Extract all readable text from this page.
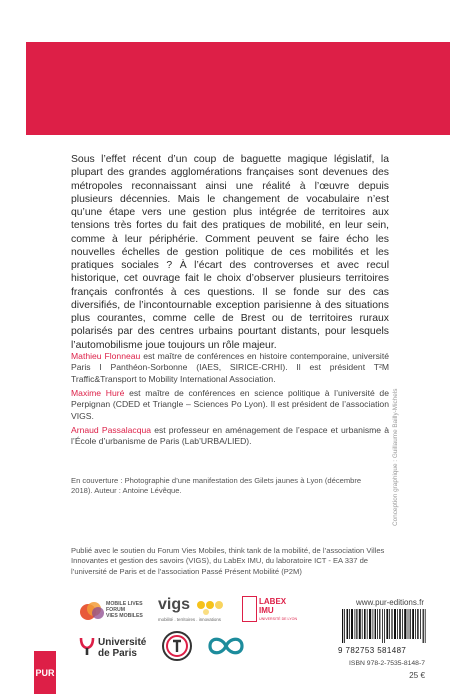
Sous l’effet récent d’un coup de baguette magique législatif, la plupart des grandes agglomérations françaises sont devenues des métropoles reconnaissant ainsi une réalité à l’œuvre depuis plusieurs décennies. Mais le changement de vocabulaire n’est qu’une étape vers une gestion plus intégrée de territoires aux tensions très fortes du fait des pratiques de mobilité, en leur sein, comme à leur périphérie. Comment peuvent se faire écho les nouvelles échelles de gestion politique de ces mobilités et les pratiques sociales ? À l’écart des controverses et avec recul historique, cet ouvrage fait le choix d’observer plusieurs territoires français confrontés à ces questions. Il se fonde sur des cas diversifiés, de l’incontournable exception parisienne à des situations plus courantes, comme celle de Brest ou de territoires ruraux polarisés par des centres urbains pourtant distants, pour lesquels l’automobilisme joue toujours un rôle majeur.

Mathieu Flonneau est maître de conférences en histoire contemporaine, université Paris I Panthéon-Sorbonne (IAES, SIRICE-CRHI). Il est président T²M Traffic&Transport to Mobility International Association.

Maxime Huré est maître de conférences en science politique à l’université de Perpignan (CDED et Triangle – Sciences Po Lyon). Il est président de l’association VIGS.

Arnaud Passalacqua est professeur en aménagement de l’espace et urbanisme à l’École d’urbanisme de Paris (Lab’URBA/LIED).

En couverture : Photographie d’une manifestation des Gilets jaunes à Lyon (décembre 2018). Auteur : Antoine Lévêque.	Conception graphique : Guillaume Bailly-Michels

Publié avec le soutien du Forum Vies Mobiles, think tank de la mobilité, de l’association Villes Innovantes et gestion des savoirs (VIGS), du LabEx IMU, du laboratoire ICT - EA 337 de l’université de Paris et de l’association Passé Présent Mobilité (P2M)

PUR
MOBILE LIVES
FORUM
VIES MOBILES
vigs
mobilité . territoires . innovations
LABEX
IMU
UNIVERSITÉ DE LYON
Université
de Paris
www.pur-editions.fr
9 782753 581487
ISBN 978-2-7535-8148-7
25 €
